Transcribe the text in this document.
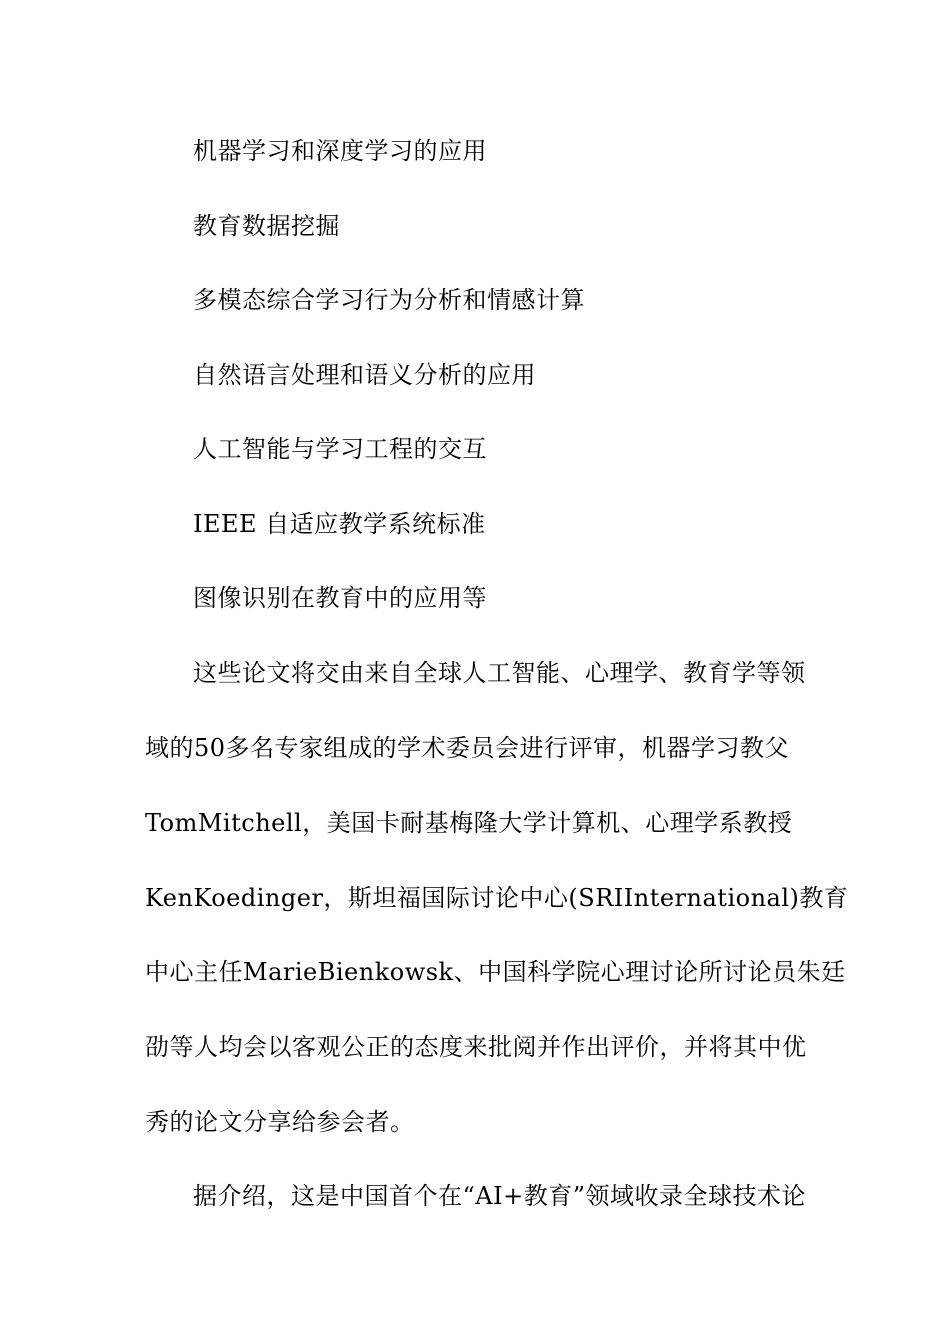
机器学习和深度学习的应用

教育数据挖掘

多模态综合学习行为分析和情感计算

自然语言处理和语义分析的应用

人工智能与学习工程的交互

IEEE 自适应教学系统标准

图像识别在教育中的应用等

这些论文将交由来自全球人工智能、心理学、教育学等领

域的50多名专家组成的学术委员会进行评审，机器学习教父

TomMitchell，美国卡耐基梅隆大学计算机、心理学系教授

KenKoedinger，斯坦福国际讨论中心(SRIInternational)教育

中心主任MarieBienkowsk、中国科学院心理讨论所讨论员朱廷

劭等人均会以客观公正的态度来批阅并作出评价，并将其中优

秀的论文分享给参会者。

据介绍，这是中国首个在“AI+教育”领域收录全球技术论
